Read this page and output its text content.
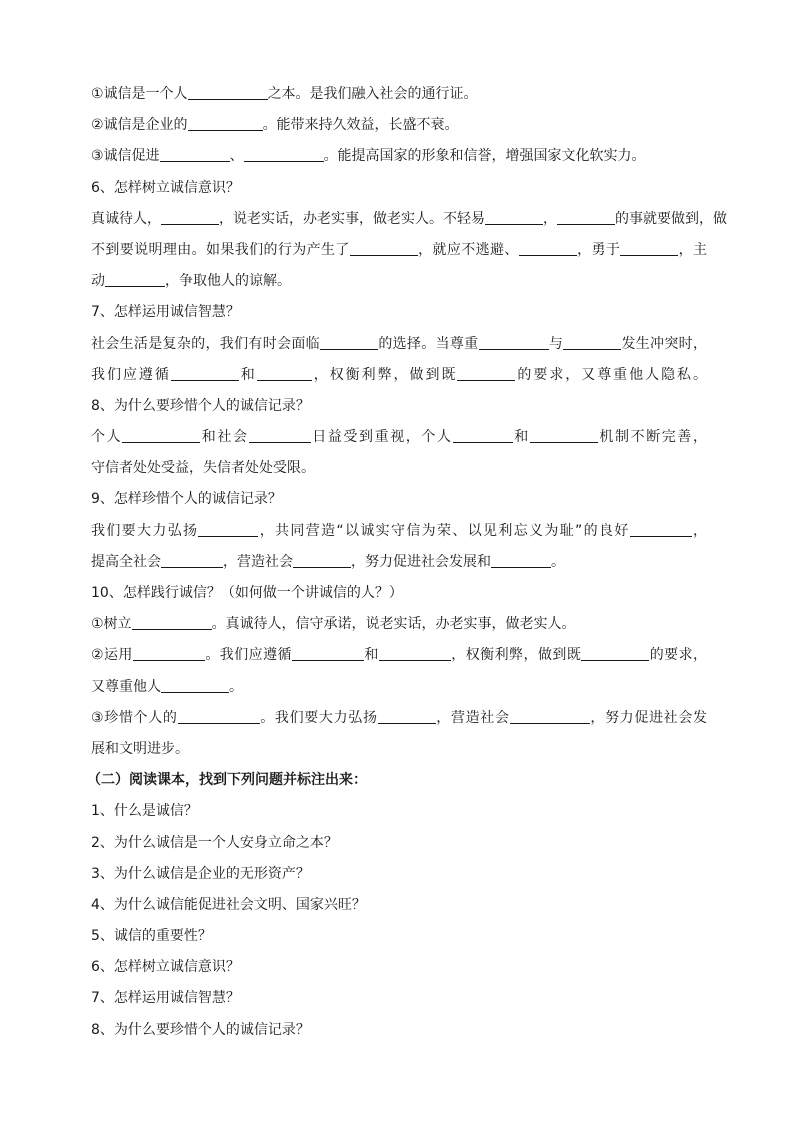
①诚信是一个人	之本。是我们融入社会的通行证。
②诚信是企业的	。能带来持久效益，长盛不衰。
③诚信促进	、	。能提高国家的形象和信誉，增强国家文化软实力。
6、怎样树立诚信意识？
真诚待人，	，说老实话，办老实事，做老实人。不轻易	，	的事就要做到，做
不到要说明理由。如果我们的行为产生了	，就应不逃避、	，勇于	，主
动	，争取他人的谅解。
7、怎样运用诚信智慧？
社会生活是复杂的，我们有时会面临	的选择。当尊重	与	发生冲突时，
我们应遵循	和	，权衡利弊，做到既	的要求，又尊重他人隐私。
8、为什么要珍惜个人的诚信记录？
个人	和社会	日益受到重视，个人	和	机制不断完善，
守信者处处受益，失信者处处受限。
9、怎样珍惜个人的诚信记录？
我们要大力弘扬	，共同营造“以诚实守信为荣、以见利忘义为耻”的良好	，
提高全社会	，营造社会	，努力促进社会发展和	。
10、怎样践行诚信？（如何做一个讲诚信的人？）
①树立	。真诚待人，信守承诺，说老实话，办老实事，做老实人。
②运用	。我们应遵循	和	，权衡利弊，做到既	的要求，
又尊重他人	。
③珍惜个人的	。我们要大力弘扬	，营造社会	，努力促进社会发
展和文明进步。
（二）阅读课本，找到下列问题并标注出来：
1、什么是诚信？
2、为什么诚信是一个人安身立命之本？
3、为什么诚信是企业的无形资产？
4、为什么诚信能促进社会文明、国家兴旺？
5、诚信的重要性？
6、怎样树立诚信意识？
7、怎样运用诚信智慧？
8、为什么要珍惜个人的诚信记录？
